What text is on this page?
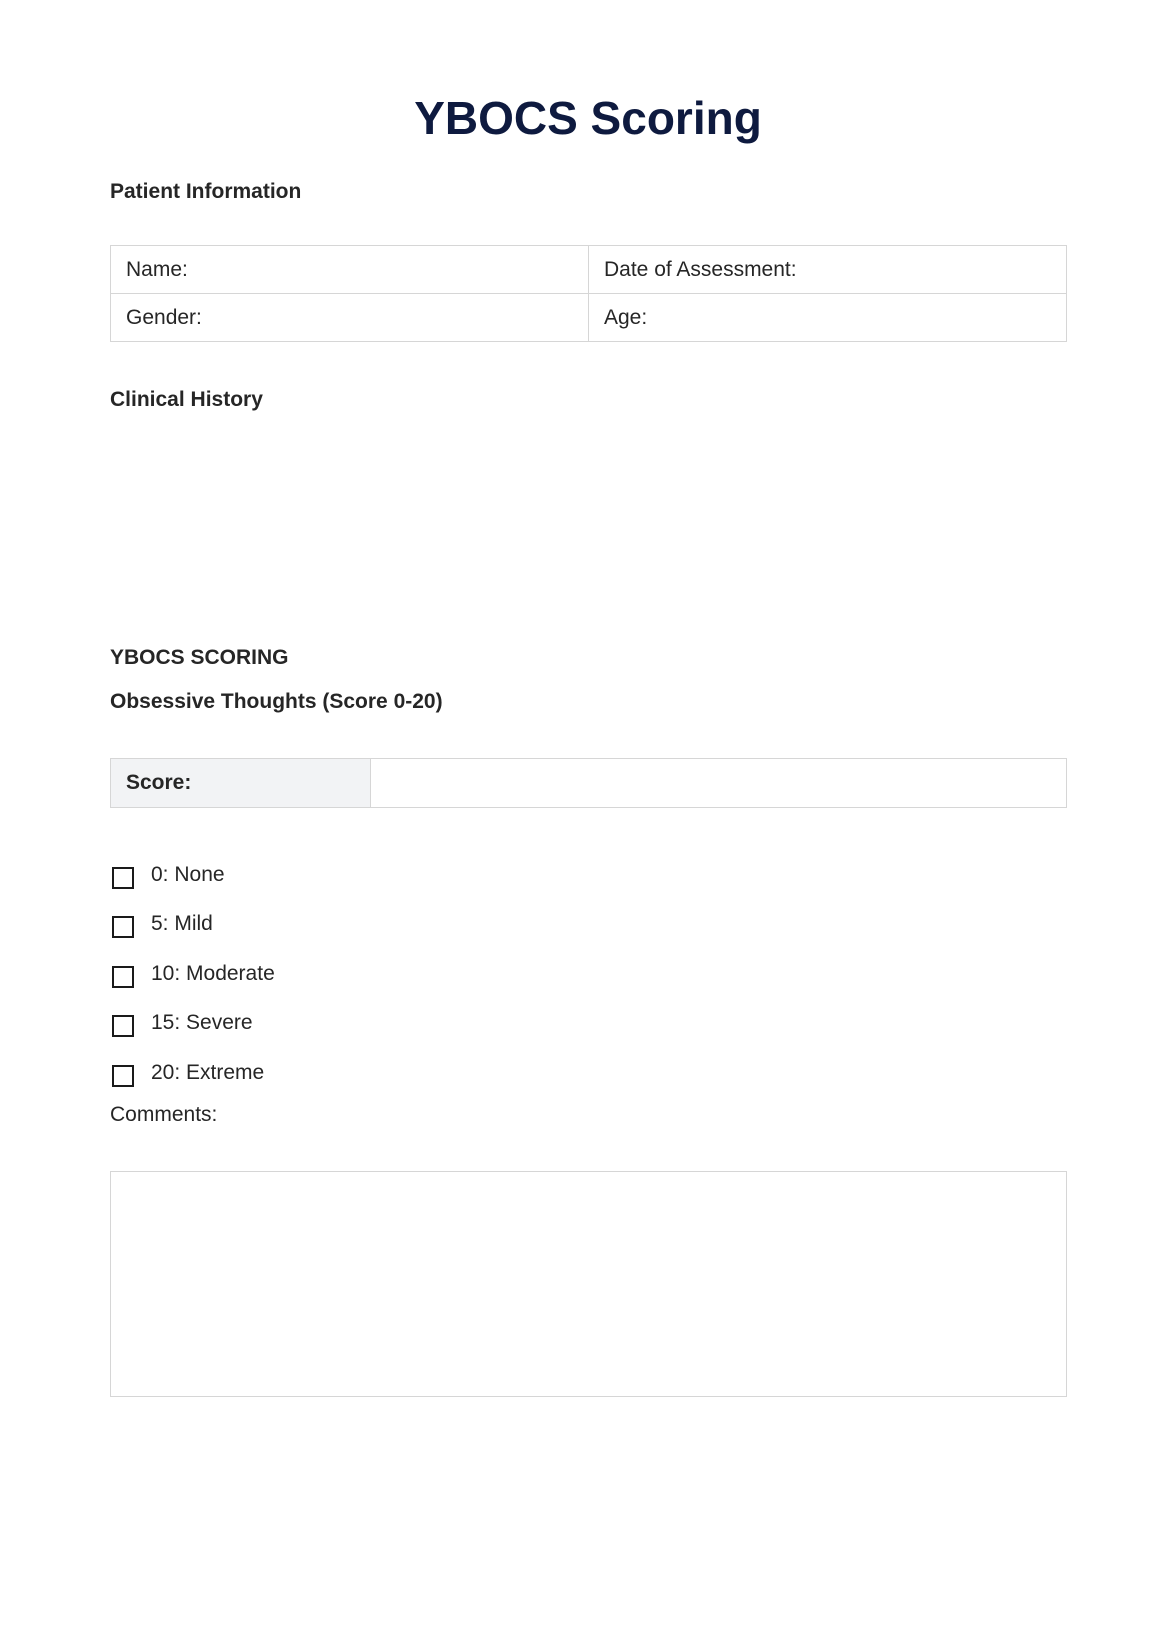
YBOCS Scoring
Patient Information
Name:	Date of Assessment:
Gender:	Age:
Clinical History
YBOCS SCORING
Obsessive Thoughts (Score 0-20)
Score:	
0: None
5: Mild
10: Moderate
15: Severe
20: Extreme

Comments:
